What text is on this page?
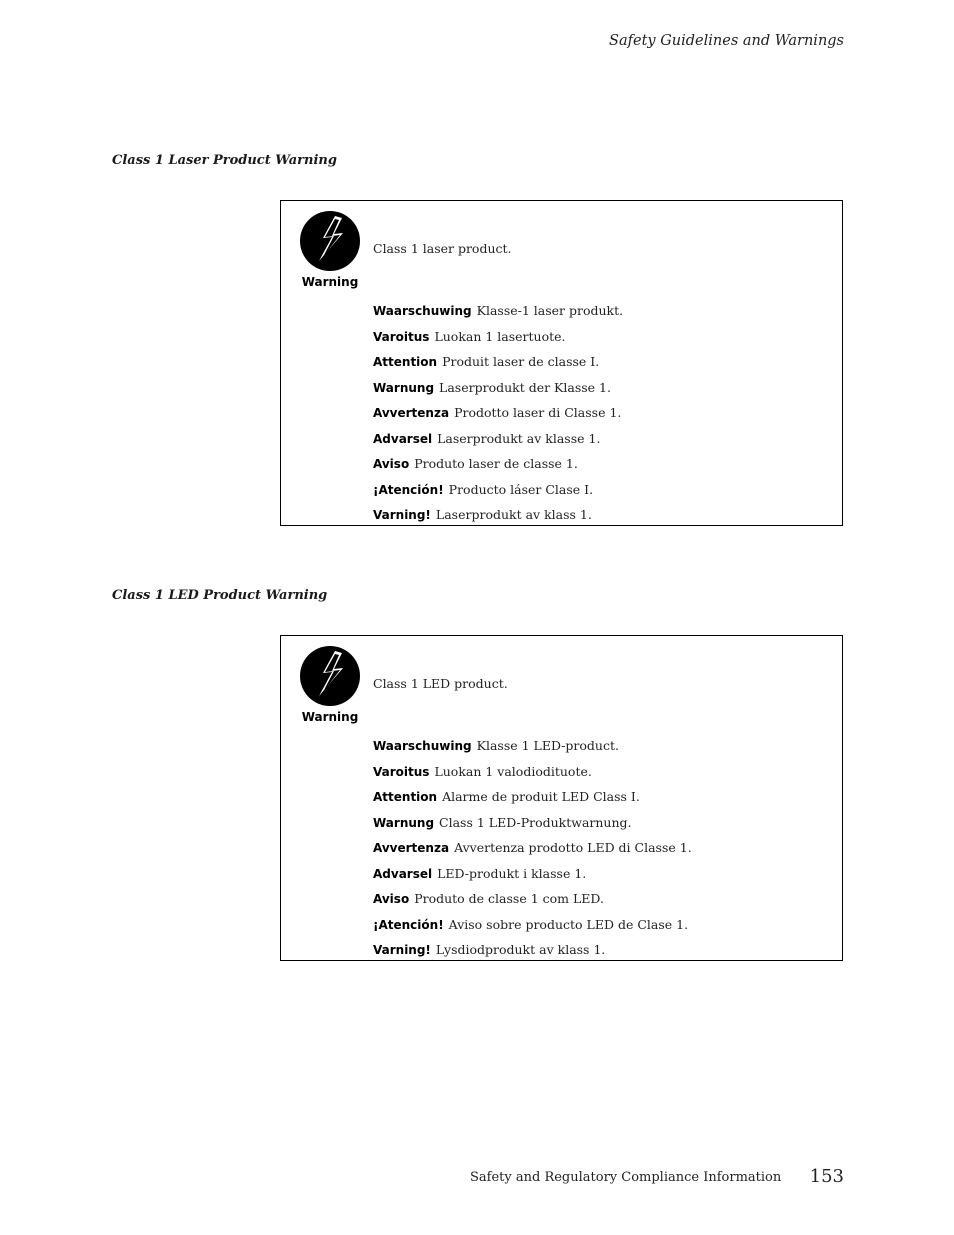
Safety Guidelines and Warnings
Class 1 Laser Product Warning
Warning
Class 1 laser product.
Waarschuwing Klasse-1 laser produkt.
Varoitus Luokan 1 lasertuote.
Attention Produit laser de classe I.
Warnung Laserprodukt der Klasse 1.
Avvertenza Prodotto laser di Classe 1.
Advarsel Laserprodukt av klasse 1.
Aviso Produto laser de classe 1.
¡Atención! Producto láser Clase I.
Varning! Laserprodukt av klass 1.
Class 1 LED Product Warning
Warning
Class 1 LED product.
Waarschuwing Klasse 1 LED-product.
Varoitus Luokan 1 valodiodituote.
Attention Alarme de produit LED Class I.
Warnung Class 1 LED-Produktwarnung.
Avvertenza Avvertenza prodotto LED di Classe 1.
Advarsel LED-produkt i klasse 1.
Aviso Produto de classe 1 com LED.
¡Atención! Aviso sobre producto LED de Clase 1.
Varning! Lysdiodprodukt av klass 1.
Safety and Regulatory Compliance Information 153
